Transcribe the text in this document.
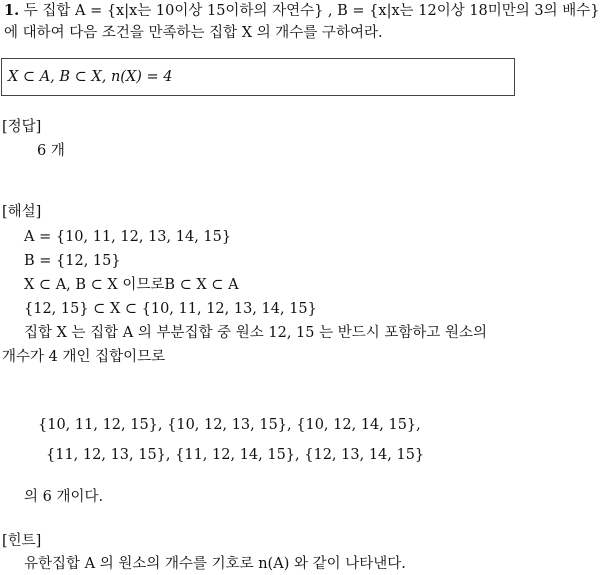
1. 두 집합 A = {x|x는 10이상 15이하의 자연수} , B = {x|x는 12이상 18미만의 3의 배수}
에 대하여 다음 조건을 만족하는 집합 X 의 개수를 구하여라.
X ⊂ A, B ⊂ X, n(X) = 4
[정답]
6 개
[해설]
A = {10, 11, 12, 13, 14, 15}
B = {12, 15}
X ⊂ A, B ⊂ X 이므로B ⊂ X ⊂ A
{12, 15} ⊂ X ⊂ {10, 11, 12, 13, 14, 15}
집합 X 는 집합 A 의 부분집합 중 원소 12, 15 는 반드시 포함하고 원소의
개수가 4 개인 집합이므로
{10, 11, 12, 15}, {10, 12, 13, 15}, {10, 12, 14, 15},
{11, 12, 13, 15}, {11, 12, 14, 15}, {12, 13, 14, 15}
의 6 개이다.
[힌트]
유한집합 A 의 원소의 개수를 기호로 n(A) 와 같이 나타낸다.
